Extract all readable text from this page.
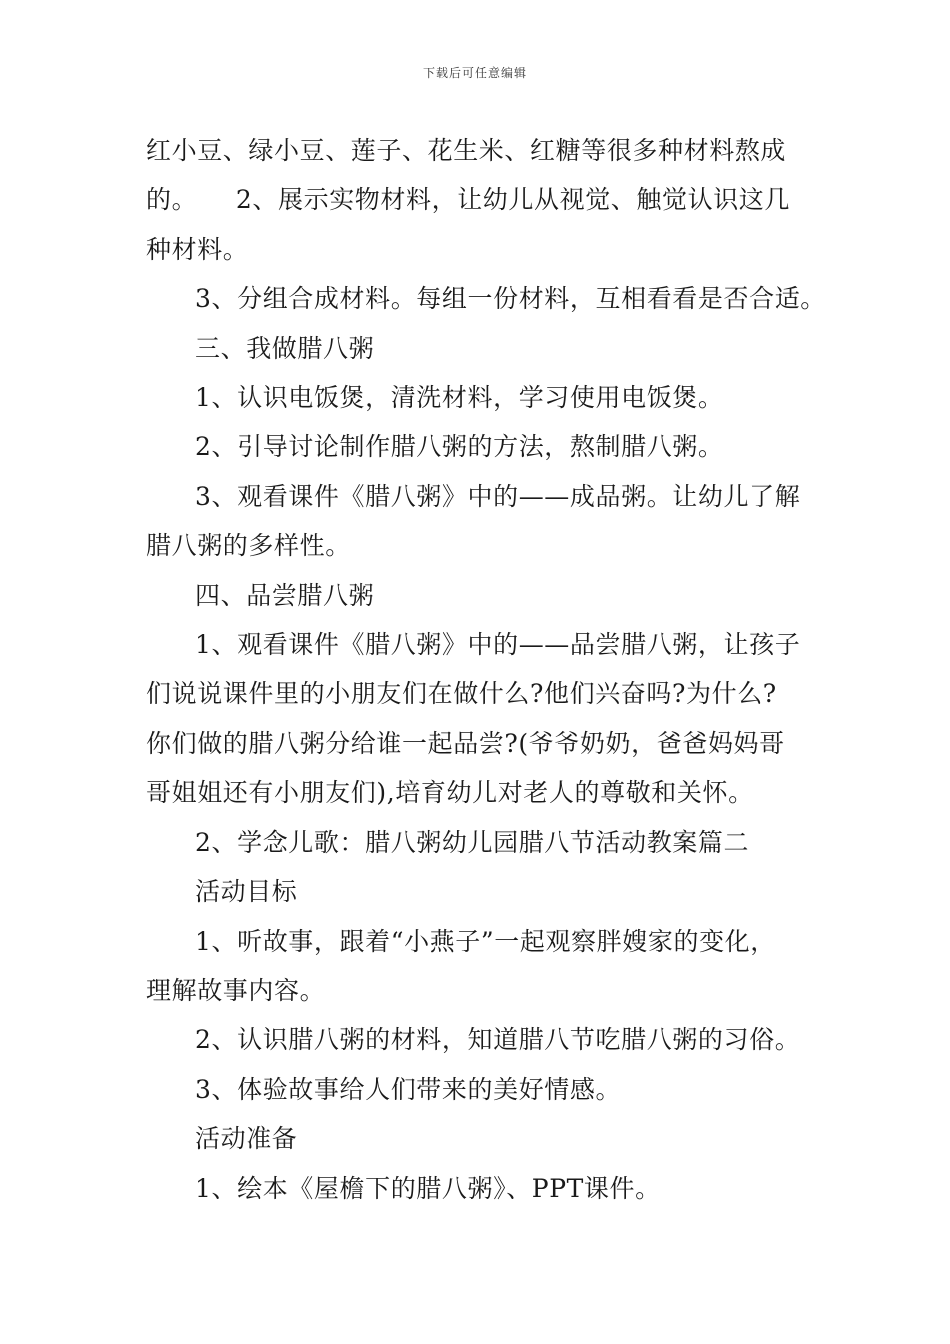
下载后可任意编辑

红小豆、绿小豆、莲子、花生米、红糖等很多种材料熬成

的。　　2、展示实物材料，让幼儿从视觉、触觉认识这几

种材料。

3、分组合成材料。每组一份材料，互相看看是否合适。

三、我做腊八粥

1、认识电饭煲，清洗材料，学习使用电饭煲。

2、引导讨论制作腊八粥的方法，熬制腊八粥。

3、观看课件《腊八粥》中的——成品粥。让幼儿了解

腊八粥的多样性。

四、品尝腊八粥

1、观看课件《腊八粥》中的——品尝腊八粥，让孩子

们说说课件里的小朋友们在做什么?他们兴奋吗?为什么?

你们做的腊八粥分给谁一起品尝?(爷爷奶奶，爸爸妈妈哥

哥姐姐还有小朋友们),培育幼儿对老人的尊敬和关怀。

2、学念儿歌：腊八粥幼儿园腊八节活动教案篇二

活动目标

1、听故事，跟着“小燕子”一起观察胖嫂家的变化，

理解故事内容。

2、认识腊八粥的材料，知道腊八节吃腊八粥的习俗。

3、体验故事给人们带来的美好情感。

活动准备

1、绘本《屋檐下的腊八粥》、PPT课件。
